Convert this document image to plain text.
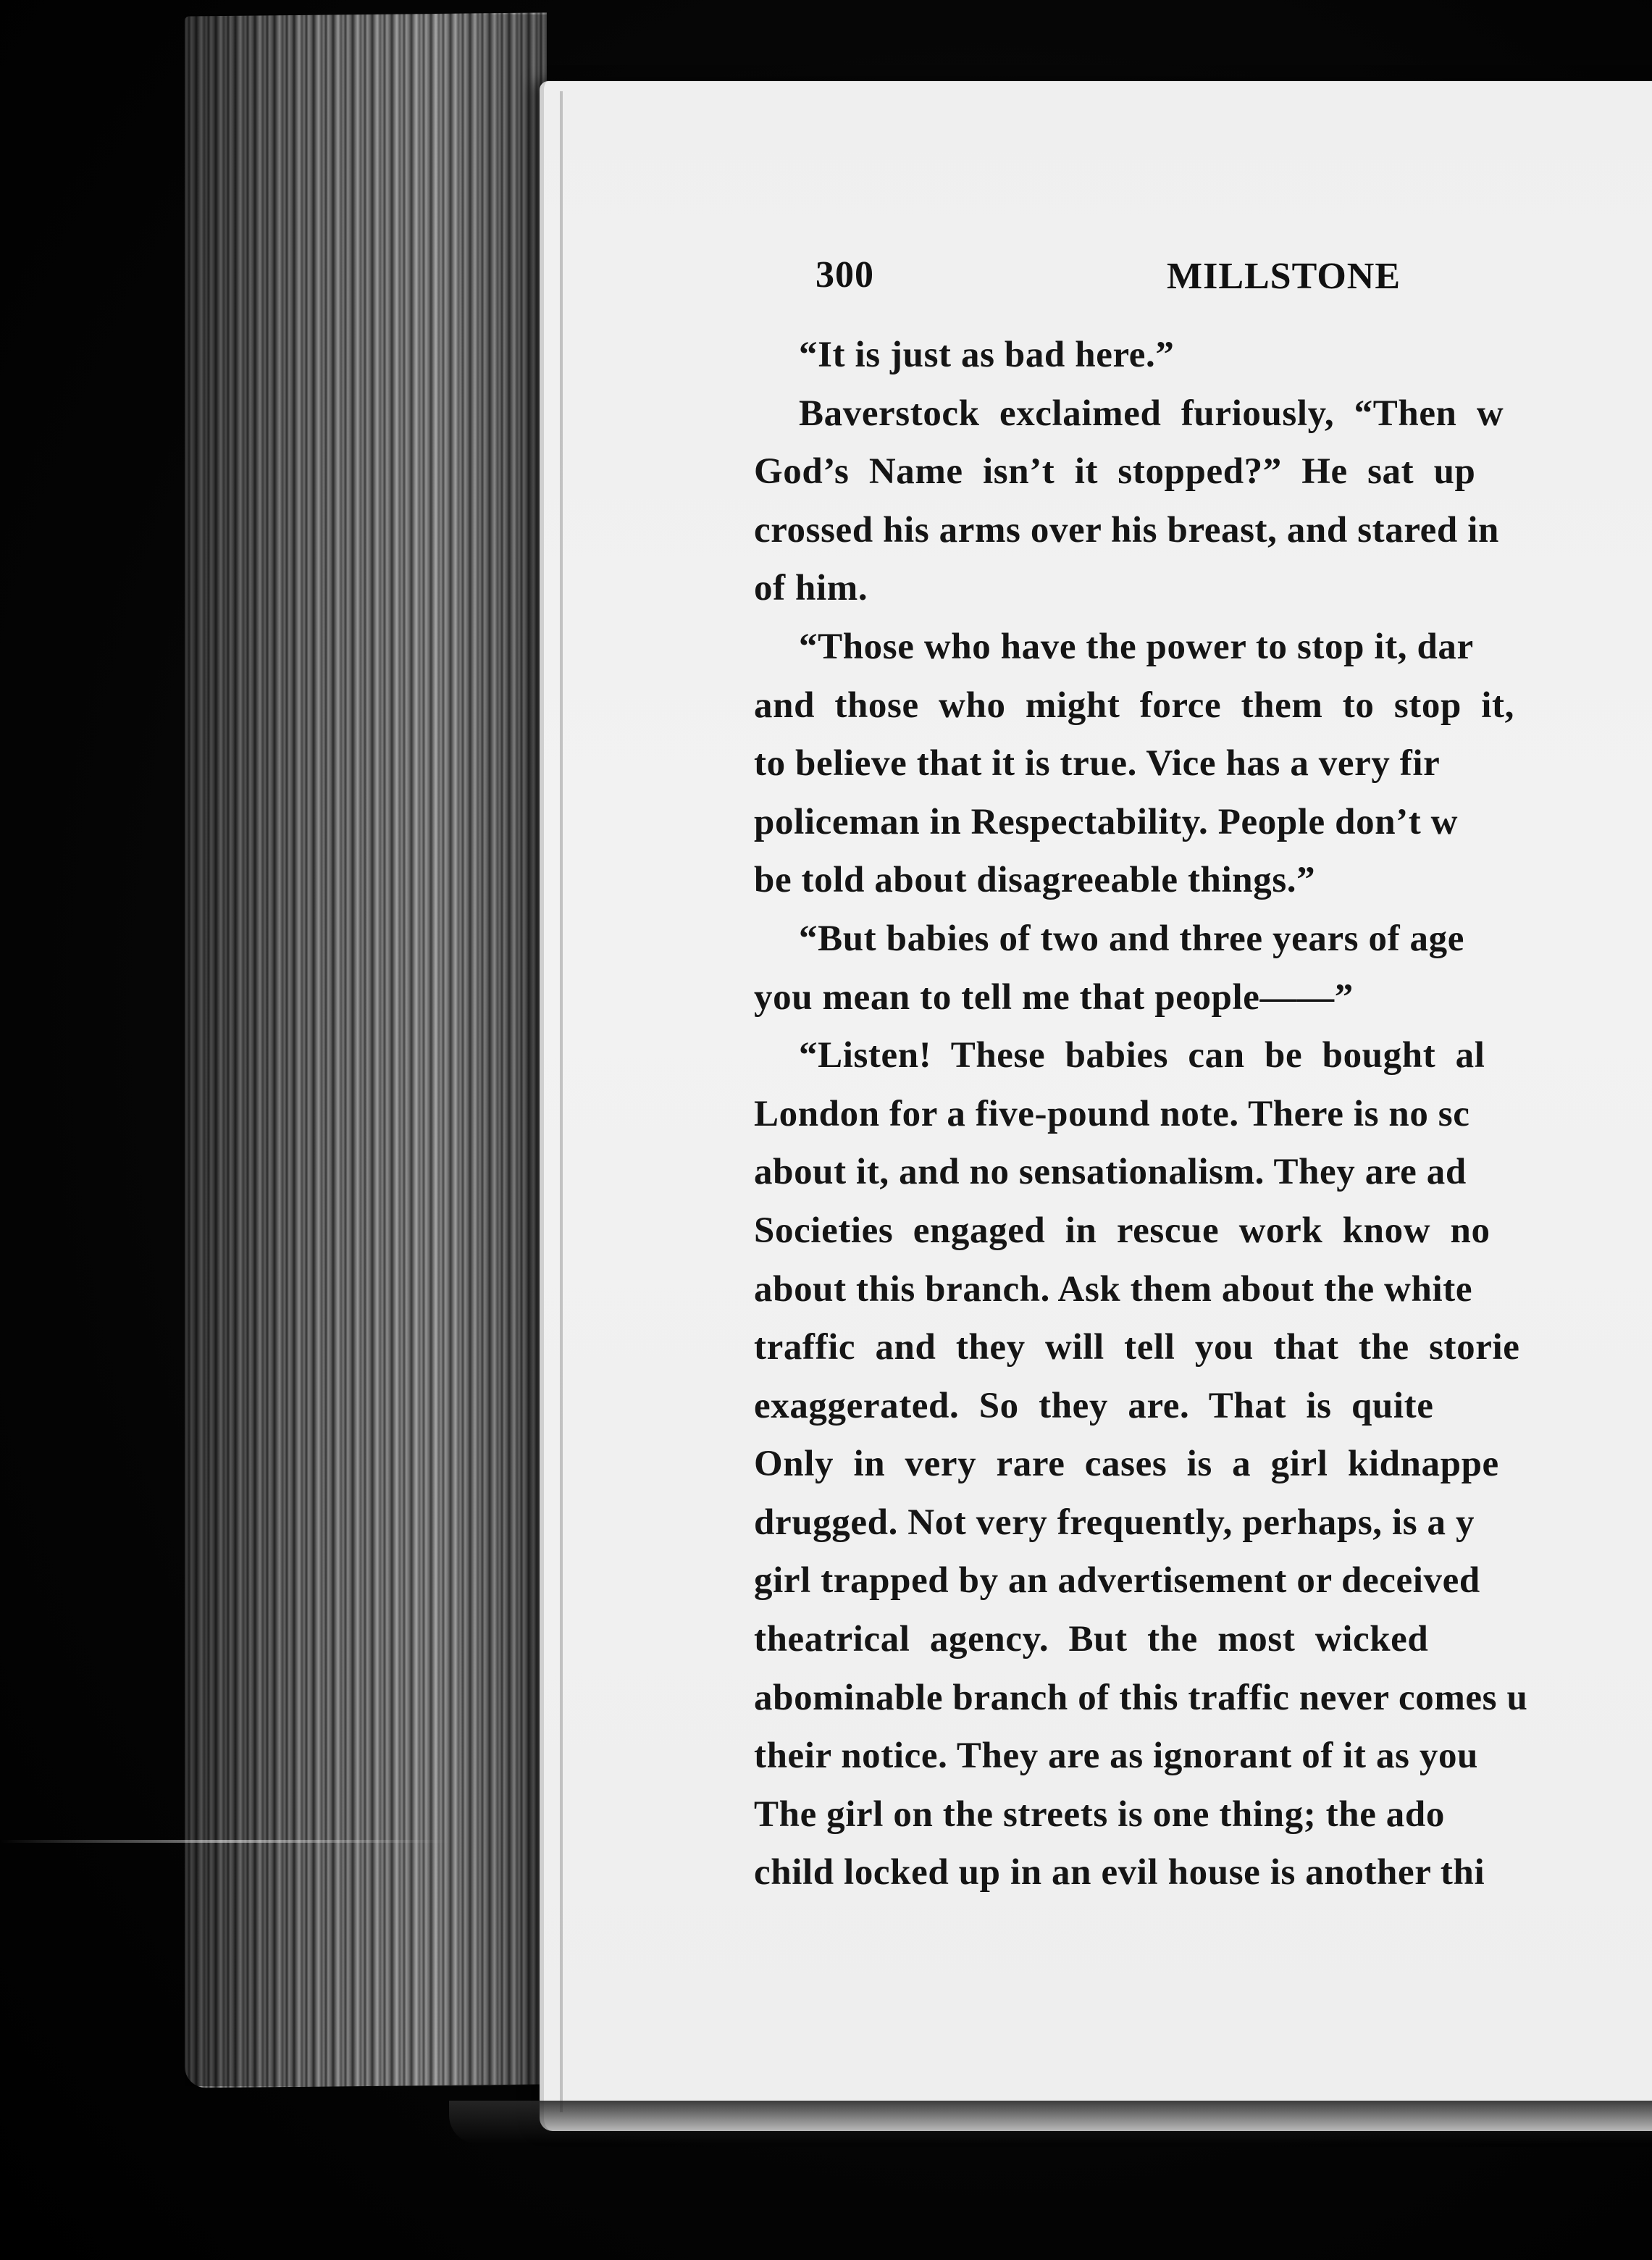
300	MILLSTONE
“It is just as bad here.”
Baverstock exclaimed furiously, “Then w
God’s Name isn’t it stopped?” He sat up
crossed his arms over his breast, and stared in
of him.
“Those who have the power to stop it, dar
and those who might force them to stop it,
to believe that it is true. Vice has a very fir
policeman in Respectability. People don’t w
be told about disagreeable things.”
“But babies of two and three years of age
you mean to tell me that people——”
“Listen! These babies can be bought al
London for a five-pound note. There is no sc
about it, and no sensationalism. They are ad
Societies engaged in rescue work know no
about this branch. Ask them about the white
traffic and they will tell you that the storie
exaggerated. So they are. That is quite
Only in very rare cases is a girl kidnappe
drugged. Not very frequently, perhaps, is a y
girl trapped by an advertisement or deceived
theatrical agency. But the most wicked
abominable branch of this traffic never comes u
their notice. They are as ignorant of it as you
The girl on the streets is one thing; the ado
child locked up in an evil house is another thi
